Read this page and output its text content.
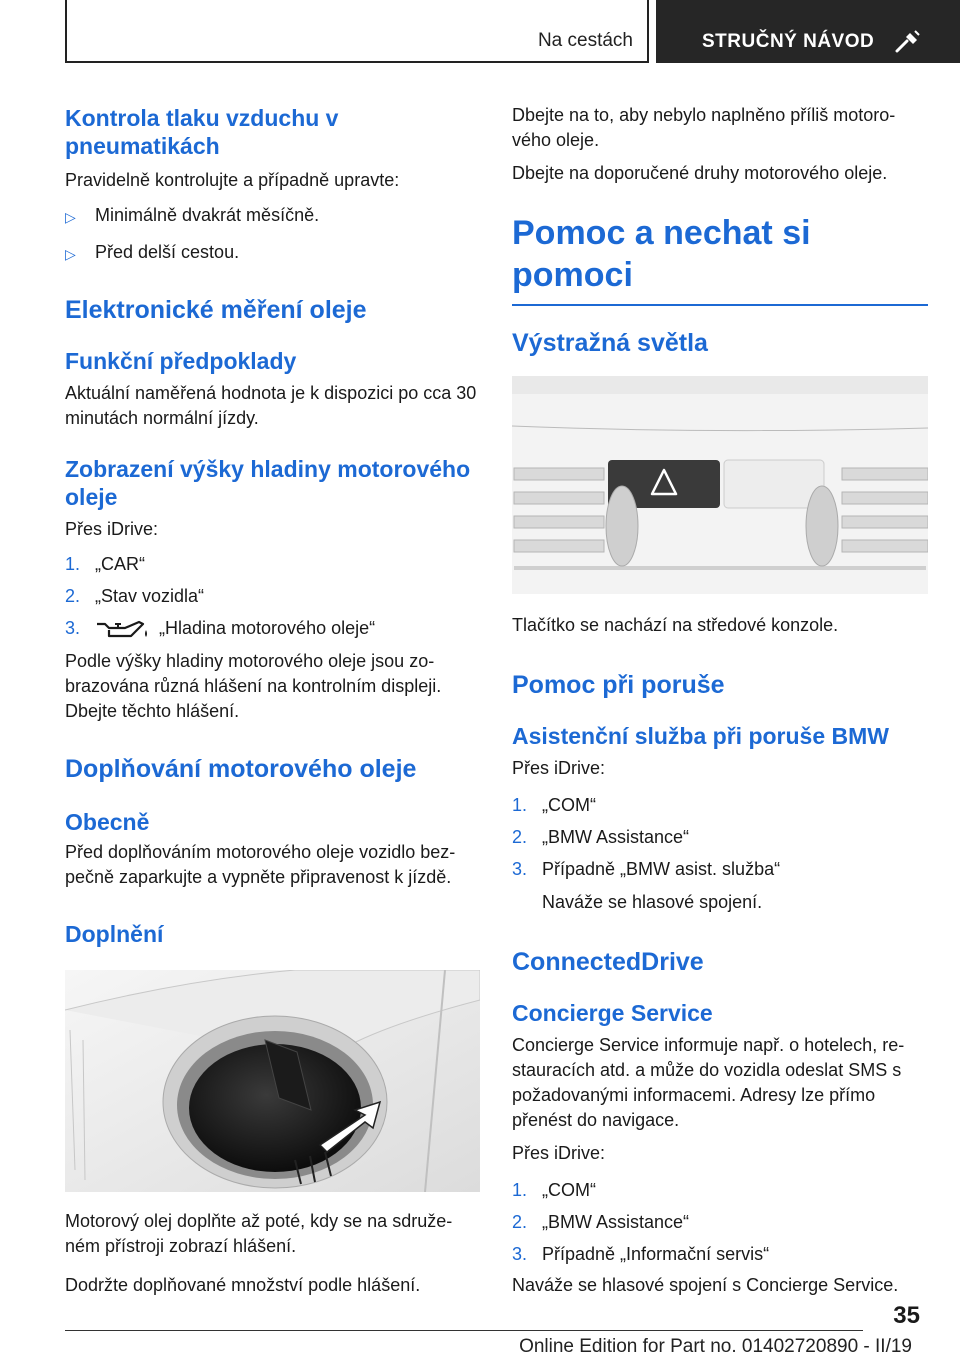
Na cestách	STRUČNÝ NÁVOD
Kontrola tlaku vzduchu v pneumatikách

Pravidelně kontrolujte a případně upravte:

▷	Minimálně dvakrát měsíčně.
▷	Před delší cestou.
Elektronické měření oleje
Funkční předpoklady

Aktuální naměřená hodnota je k dispozici po cca 30 minutách normální jízdy.

Zobrazení výšky hladiny motorového oleje

Přes iDrive:

1. „CAR“
2. „Stav vozidla“
3.	„Hladina motorového oleje“

Podle výšky hladiny motorového oleje jsou zo-brazována různá hlášení na kontrolním displeji. Dbejte těchto hlášení.

Doplňování motorového oleje
Obecně

Před doplňováním motorového oleje vozidlo bez-pečně zaparkujte a vypněte připravenost k jízdě.

Doplnění

Motorový olej doplňte až poté, kdy se na sdruže-ném přístroji zobrazí hlášení.

Dodržte doplňované množství podle hlášení.

Dbejte na to, aby nebylo naplněno příliš motoro-vého oleje.

Dbejte na doporučené druhy motorového oleje.

Pomoc a nechat si pomoci
Výstražná světla

Tlačítko se nachází na středové konzole.

Pomoc při poruše
Asistenční služba při poruše BMW

Přes iDrive:

1. „COM“
2. „BMW Assistance“
3. Případně „BMW asist. služba“

Naváže se hlasové spojení.

ConnectedDrive
Concierge Service

Concierge Service informuje např. o hotelech, re-stauracích atd. a může do vozidla odeslat SMS s požadovanými informacemi. Adresy lze přímo přenést do navigace.

Přes iDrive:

1. „COM“
2. „BMW Assistance“
3. Případně „Informační servis“

Naváže se hlasové spojení s Concierge Service.

35
Online Edition for Part no. 01402720890 - II/19
